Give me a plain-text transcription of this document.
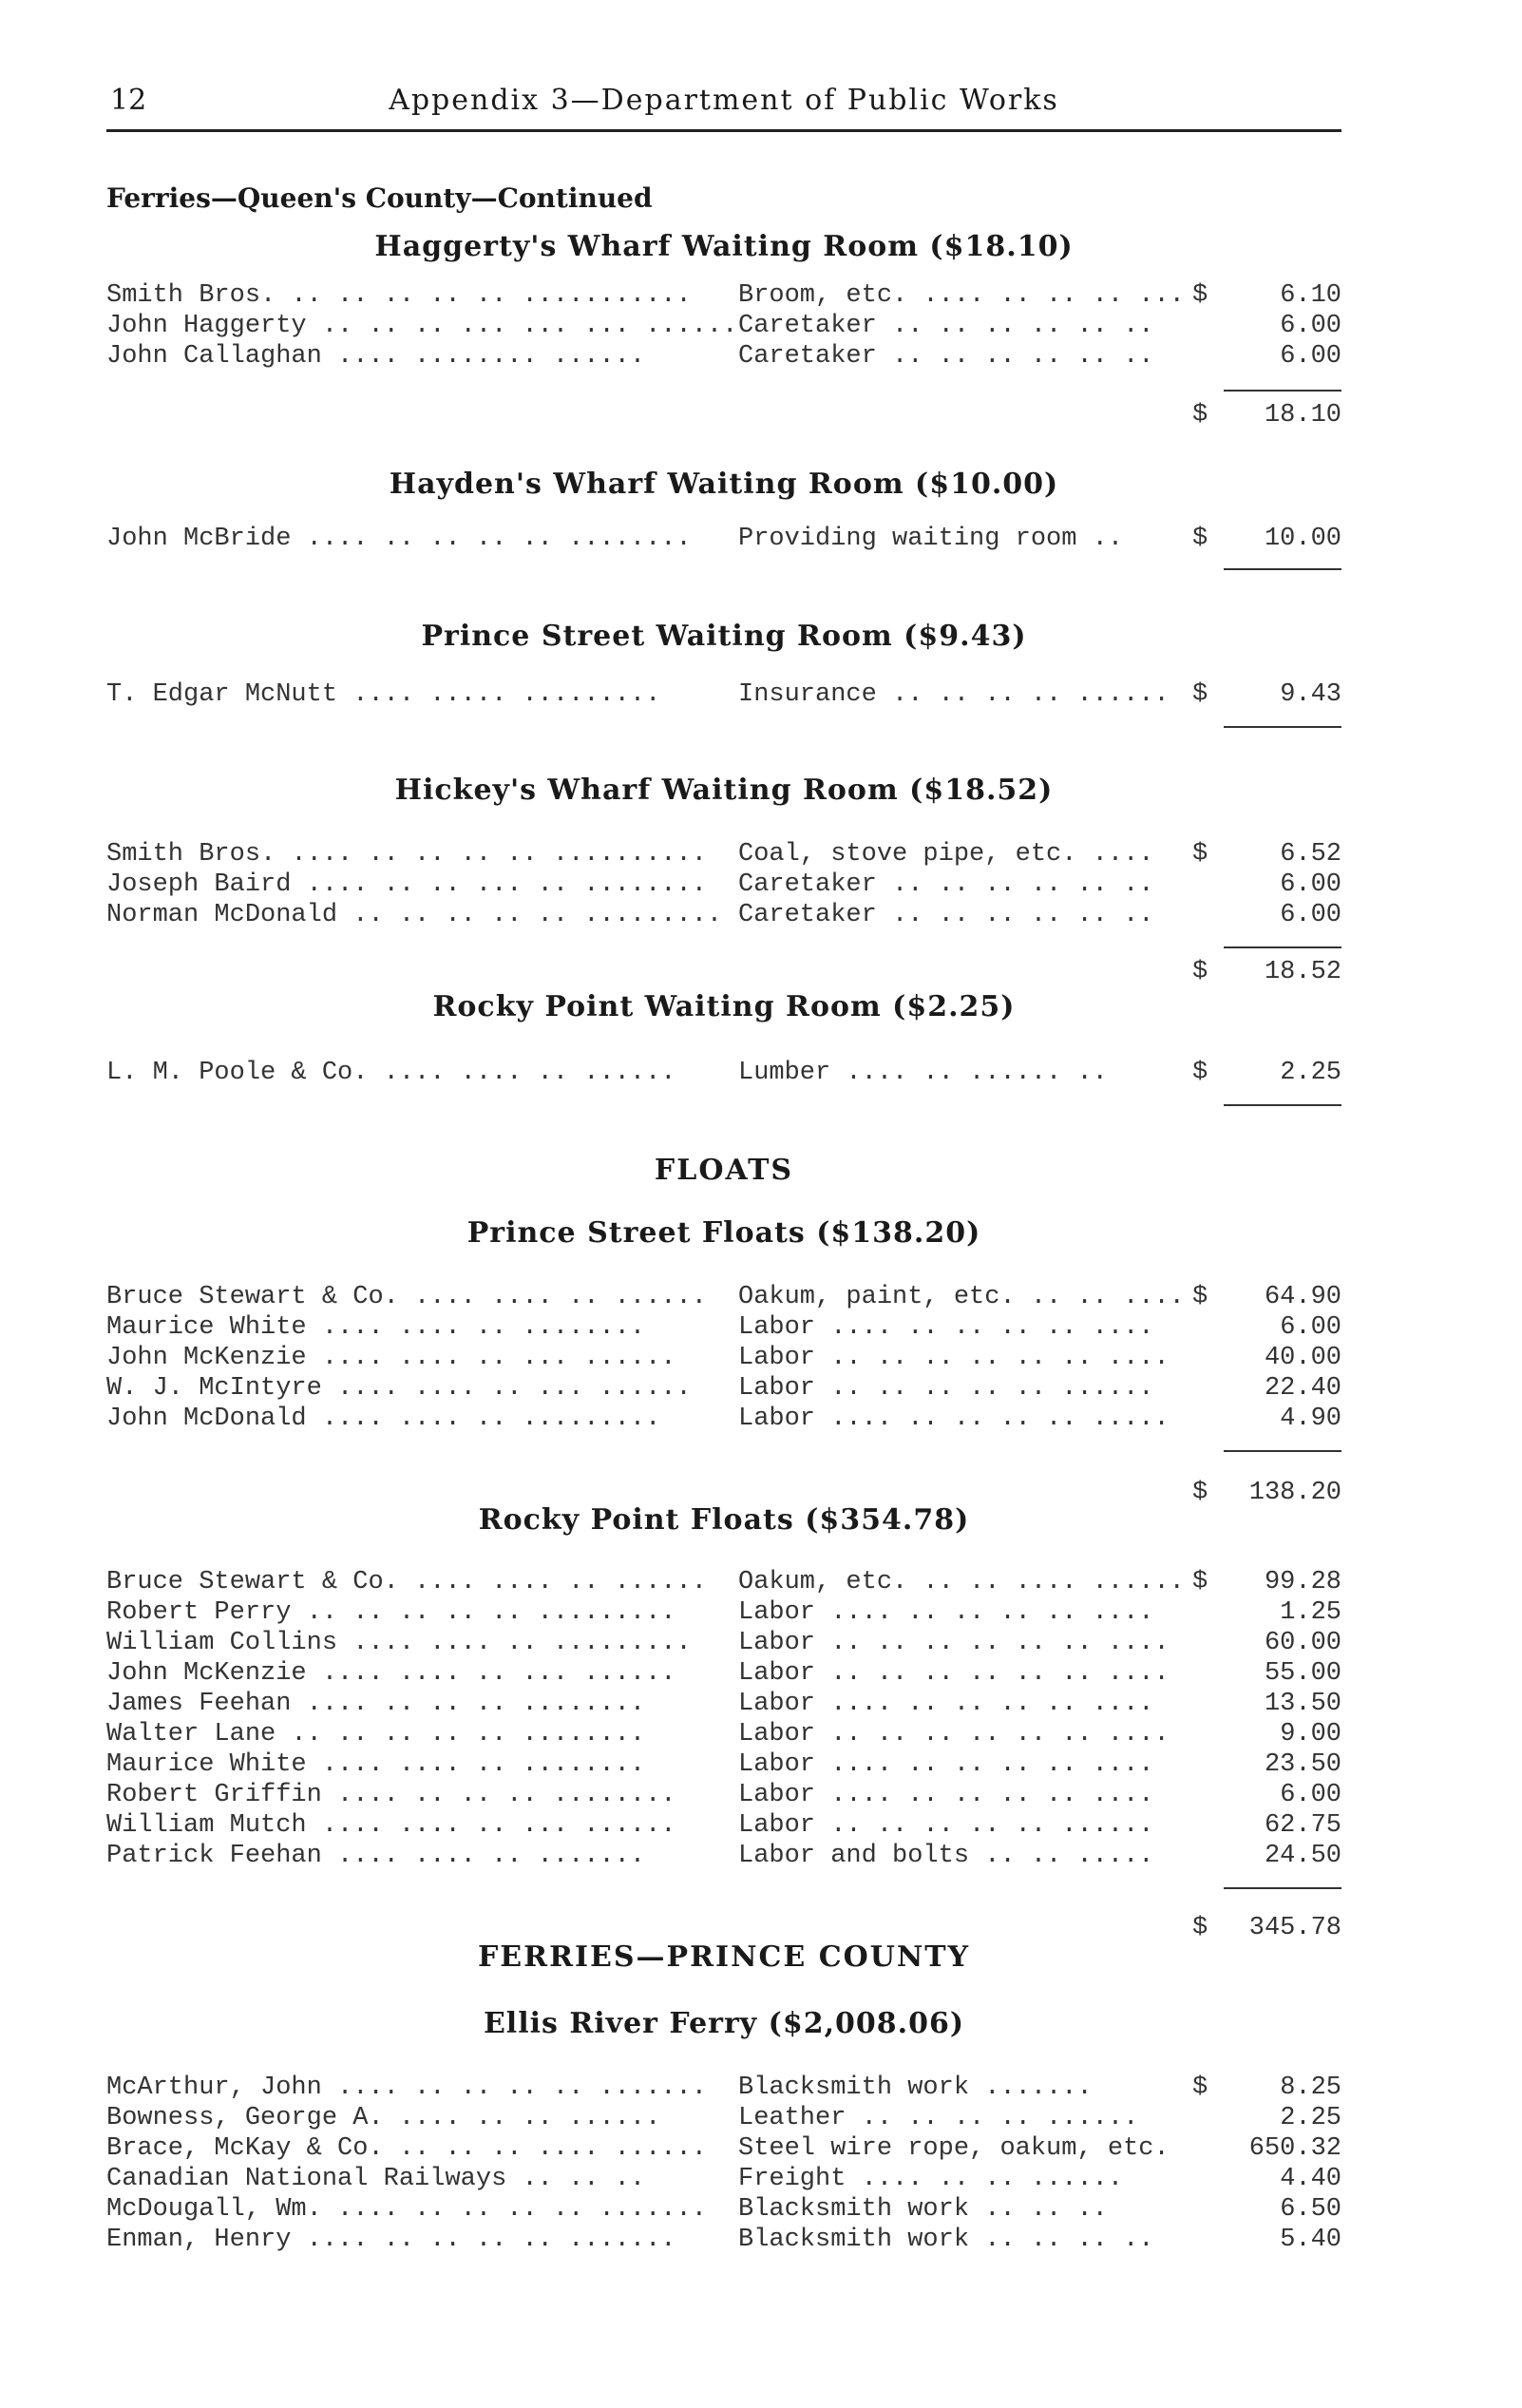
12	Appendix 3—Department of Public Works
Ferries—Queen's County—Continued
Haggerty's Wharf Waiting Room ($18.10)
Smith Bros. .. .. .. .. .. ........... Broom, etc. .... .. .. .. ... $	6.10
John Haggerty .. .. .. ... ... ... ...... Caretaker .. .. .. .. .. ..	6.00
John Callaghan .... ........ ......	Caretaker .. .. .. .. .. ..	6.00
$ 18.10
Hayden's Wharf Waiting Room ($10.00)
John McBride .... .. .. .. .. ........ Providing waiting room ..	$ 10.00
Prince Street Waiting Room ($9.43)
T. Edgar McNutt .... ..... .........	Insurance .. .. .. .. ...... $	9.43
Hickey's Wharf Waiting Room ($18.52)
Smith Bros. .... .. .. .. .. .......... Coal, stove pipe, etc. .... $	6.52
Joseph Baird .... .. .. ... .. ........ Caretaker .. .. .. .. .. ..	6.00
Norman McDonald .. .. .. .. .. ......... Caretaker .. .. .. .. .. ..	6.00
$ 18.52
Rocky Point Waiting Room ($2.25)
L. M. Poole & Co. .... .... .. ...... Lumber .... .. ...... ..	$	2.25
FLOATS
Prince Street Floats ($138.20)
Bruce Stewart & Co. .... .... .. ...... Oakum, paint, etc. .. .. .... $ 64.90
Maurice White .... .... .. ........	Labor .... .. .. .. .. ....	6.00
John McKenzie .... .... .. ... ...... Labor .. .. .. .. .. .. ....	40.00
W. J. McIntyre .... .... .. ... ...... Labor .. .. .. .. .. ......	22.40
John McDonald .... .... .. .........	Labor .... .. .. .. .. .....	4.90
$ 138.20
Rocky Point Floats ($354.78)
Bruce Stewart & Co. .... .... .. ...... Oakum, etc. .. .. .... ...... $ 99.28
Robert Perry .. .. .. .. .. ......... Labor .... .. .. .. .. ....	1.25
William Collins .... .... .. ......... Labor .. .. .. .. .. .. ....	60.00
John McKenzie .... .... .. ... ...... Labor .. .. .. .. .. .. ....	55.00
James Feehan .... .. .. .. ........	Labor .... .. .. .. .. ....	13.50
Walter Lane .. .. .. .. .. ........	Labor .. .. .. .. .. .. ....	9.00
Maurice White .... .... .. ........	Labor .... .. .. .. .. ....	23.50
Robert Griffin .... .. .. .. ........ Labor .... .. .. .. .. ....	6.00
William Mutch .... .... .. ... ...... Labor .. .. .. .. .. ......	62.75
Patrick Feehan .... .... .. .......	Labor and bolts .. .. .....	24.50
$ 345.78
FERRIES—PRINCE COUNTY
Ellis River Ferry ($2,008.06)
McArthur, John .... .. .. .. .. ....... Blacksmith work .......	$	8.25
Bowness, George A. .... .. .. ......	Leather .. .. .. .. ......	2.25
Brace, McKay & Co. .. .. .. .... ...... Steel wire rope, oakum, etc.	650.32
Canadian National Railways .. .. ..	Freight .... .. .. ......	4.40
McDougall, Wm. .... .. .. .. .. ....... Blacksmith work .. .. ..	6.50
Enman, Henry .... .. .. .. .. ....... Blacksmith work .. .. .. ..	5.40
